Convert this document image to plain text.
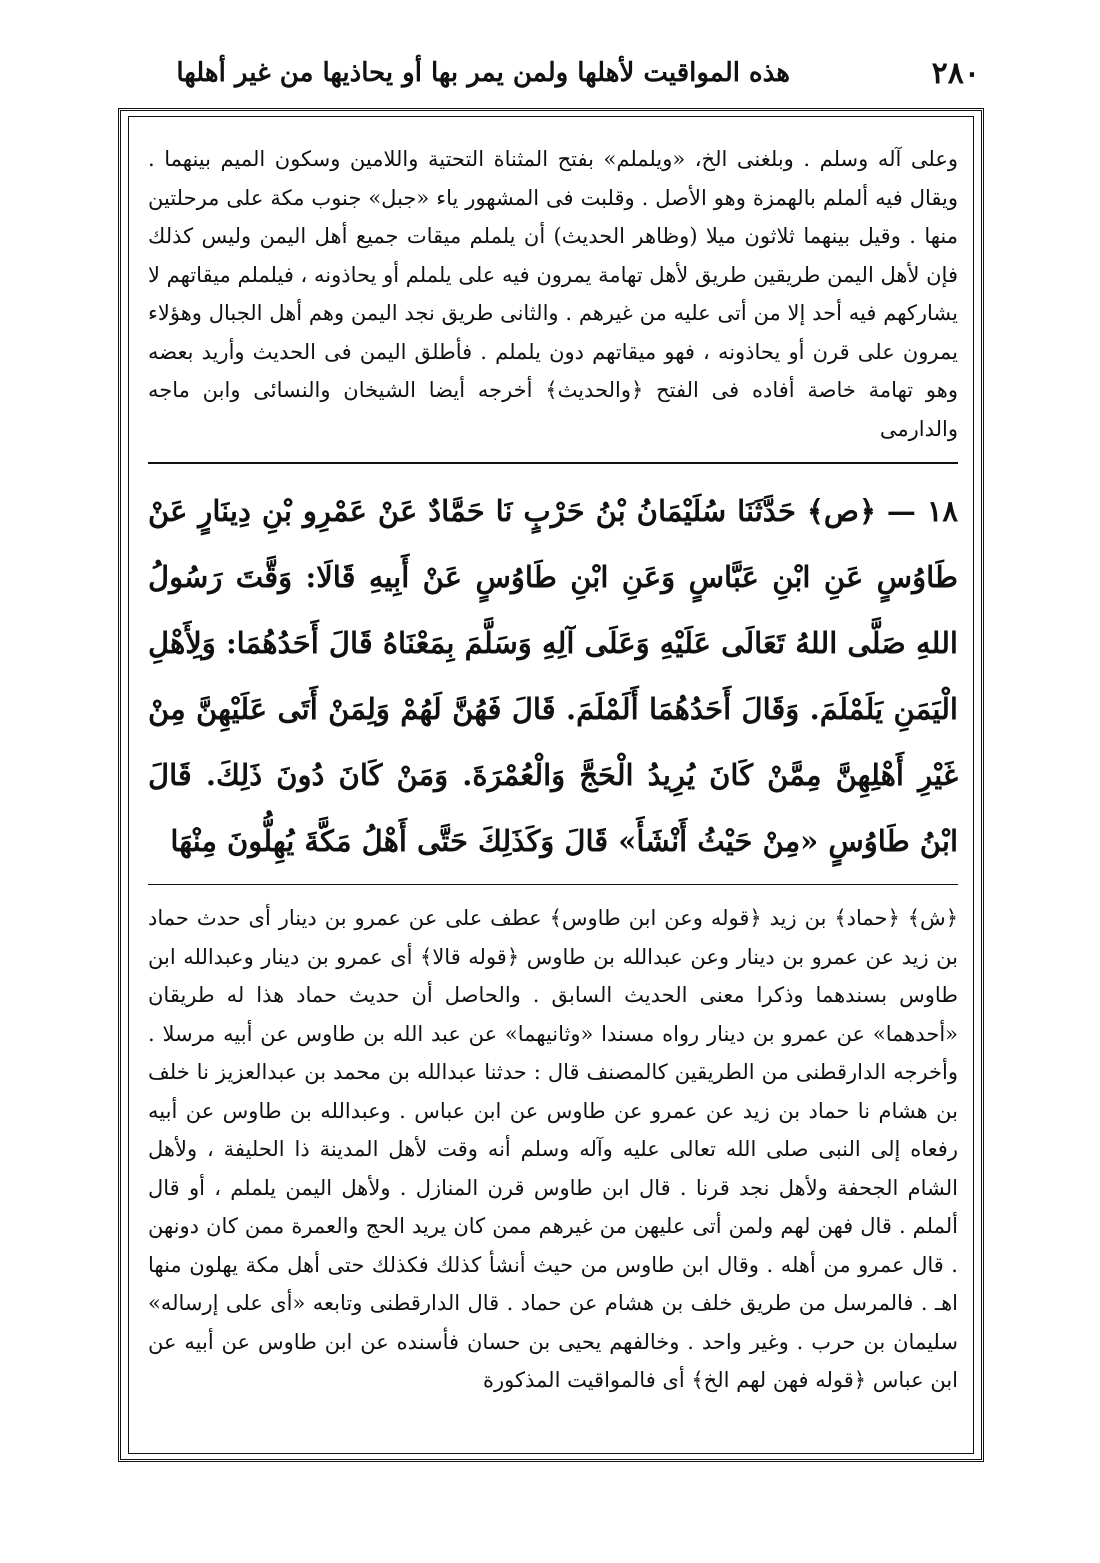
٢٨٠
هذه المواقيت لأهلها ولمن يمر بها أو يحاذيها من غير أهلها

وعلى آله وسلم . وبلغنى الخ، «ويلملم» بفتح المثناة التحتية واللامين وسكون الميم بينهما . ويقال فيه ألملم بالهمزة وهو الأصل . وقلبت فى المشهور ياء «جبل» جنوب مكة على مرحلتين منها . وقيل بينهما ثلاثون ميلا (وظاهر الحديث) أن يلملم ميقات جميع أهل اليمن وليس كذلك فإن لأهل اليمن طريقين طريق لأهل تهامة يمرون فيه على يلملم أو يحاذونه ، فيلملم ميقاتهم لا يشاركهم فيه أحد إلا من أتى عليه من غيرهم . والثانى طريق نجد اليمن وهم أهل الجبال وهؤلاء يمرون على قرن أو يحاذونه ، فهو ميقاتهم دون يلملم . فأطلق اليمن فى الحديث وأريد بعضه وهو تهامة خاصة أفاده فى الفتح ﴿والحديث﴾ أخرجه أيضا الشيخان والنسائى وابن ماجه والدارمى

١٨ — ﴿ص﴾ حَدَّثَنَا سُلَيْمَانُ بْنُ حَرْبٍ نَا حَمَّادٌ عَنْ عَمْرِو بْنِ دِينَارٍ عَنْ طَاوُسٍ عَنِ ابْنِ عَبَّاسٍ وَعَنِ ابْنِ طَاوُسٍ عَنْ أَبِيهِ قَالَا: وَقَّتَ رَسُولُ اللهِ صَلَّى اللهُ تَعَالَى عَلَيْهِ وَعَلَى آلِهِ وَسَلَّمَ بِمَعْنَاهُ قَالَ أَحَدُهُمَا: وَلِأَهْلِ الْيَمَنِ يَلَمْلَمَ. وَقَالَ أَحَدُهُمَا أَلَمْلَمَ. قَالَ فَهُنَّ لَهُمْ وَلِمَنْ أَتَى عَلَيْهِنَّ مِنْ غَيْرِ أَهْلِهِنَّ مِمَّنْ كَانَ يُرِيدُ الْحَجَّ وَالْعُمْرَةَ. وَمَنْ كَانَ دُونَ ذَلِكَ. قَالَ ابْنُ طَاوُسٍ «مِنْ حَيْثُ أَنْشَأَ» قَالَ وَكَذَلِكَ حَتَّى أَهْلُ مَكَّةَ يُهِلُّونَ مِنْهَا

﴿ش﴾ ﴿حماد﴾ بن زيد ﴿قوله وعن ابن طاوس﴾ عطف على عن عمرو بن دينار أى حدث حماد بن زيد عن عمرو بن دينار وعن عبدالله بن طاوس ﴿قوله قالا﴾ أى عمرو بن دينار وعبدالله ابن طاوس بسندهما وذكرا معنى الحديث السابق . والحاصل أن حديث حماد هذا له طريقان «أحدهما» عن عمرو بن دينار رواه مسندا «وثانيهما» عن عبد الله بن طاوس عن أبيه مرسلا . وأخرجه الدارقطنى من الطريقين كالمصنف قال : حدثنا عبدالله بن محمد بن عبدالعزيز نا خلف بن هشام نا حماد بن زيد عن عمرو عن طاوس عن ابن عباس . وعبدالله بن طاوس عن أبيه رفعاه إلى النبى صلى الله تعالى عليه وآله وسلم أنه وقت لأهل المدينة ذا الحليفة ، ولأهل الشام الجحفة ولأهل نجد قرنا . قال ابن طاوس قرن المنازل . ولأهل اليمن يلملم ، أو قال ألملم . قال فهن لهم ولمن أتى عليهن من غيرهم ممن كان يريد الحج والعمرة ممن كان دونهن . قال عمرو من أهله . وقال ابن طاوس من حيث أنشأ كذلك فكذلك حتى أهل مكة يهلون منها اهـ . فالمرسل من طريق خلف بن هشام عن حماد . قال الدارقطنى وتابعه «أى على إرساله» سليمان بن حرب . وغير واحد . وخالفهم يحيى بن حسان فأسنده عن ابن طاوس عن أبيه عن ابن عباس ﴿قوله فهن لهم الخ﴾ أى فالمواقيت المذكورة
